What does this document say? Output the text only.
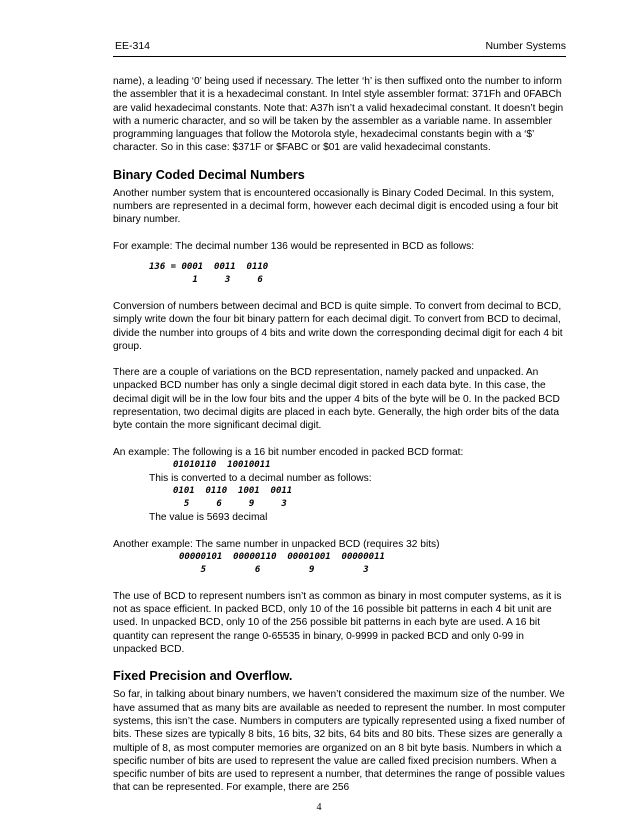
EE-314	Number Systems

name), a leading ‘0’ being used if necessary. The letter ‘h’ is then suffixed onto the number to inform the assembler that it is a hexadecimal constant. In Intel style assembler format: 371Fh and 0FABCh are valid hexadecimal constants. Note that: A37h isn’t a valid hexadecimal constant. It doesn’t begin with a numeric character, and so will be taken by the assembler as a variable name. In assembler programming languages that follow the Motorola style, hexadecimal constants begin with a ‘$’ character. So in this case: $371F or $FABC or $01 are valid hexadecimal constants.

Binary Coded Decimal Numbers

Another number system that is encountered occasionally is Binary Coded Decimal. In this system, numbers are represented in a decimal form, however each decimal digit is encoded using a four bit binary number.

For example: The decimal number 136 would be represented in BCD as follows:

136 = 0001  0011  0110
1     3     6

Conversion of numbers between decimal and BCD is quite simple. To convert from decimal to BCD, simply write down the four bit binary pattern for each decimal digit. To convert from BCD to decimal, divide the number into groups of 4 bits and write down the corresponding decimal digit for each 4 bit group.

There are a couple of variations on the BCD representation, namely packed and unpacked. An unpacked BCD number has only a single decimal digit stored in each data byte. In this case, the decimal digit will be in the low four bits and the upper 4 bits of the byte will be 0. In the packed BCD representation, two decimal digits are placed in each byte. Generally, the high order bits of the data byte contain the more significant decimal digit.

An example: The following is a 16 bit number encoded in packed BCD format:

01010110  10010011

This is converted to a decimal number as follows:

0101  0110  1001  0011
5     6     9     3

The value is 5693 decimal

Another example: The same number in unpacked BCD (requires 32 bits)

00000101  00000110  00001001  00000011
5         6         9         3

The use of BCD to represent numbers isn’t as common as binary in most computer systems, as it is not as space efficient. In packed BCD, only 10 of the 16 possible bit patterns in each 4 bit unit are used. In unpacked BCD, only 10 of the 256 possible bit patterns in each byte are used. A 16 bit quantity can represent the range 0-65535 in binary, 0-9999 in packed BCD and only 0-99 in unpacked BCD.

Fixed Precision and Overflow.

So far, in talking about binary numbers, we haven’t considered the maximum size of the number. We have assumed that as many bits are available as needed to represent the number. In most computer systems, this isn’t the case. Numbers in computers are typically represented using a fixed number of bits. These sizes are typically 8 bits, 16 bits, 32 bits, 64 bits and 80 bits. These sizes are generally a multiple of 8, as most computer memories are organized on an 8 bit byte basis. Numbers in which a specific number of bits are used to represent the value are called fixed precision numbers. When a specific number of bits are used to represent a number, that determines the range of possible values that can be represented. For example, there are 256

4
